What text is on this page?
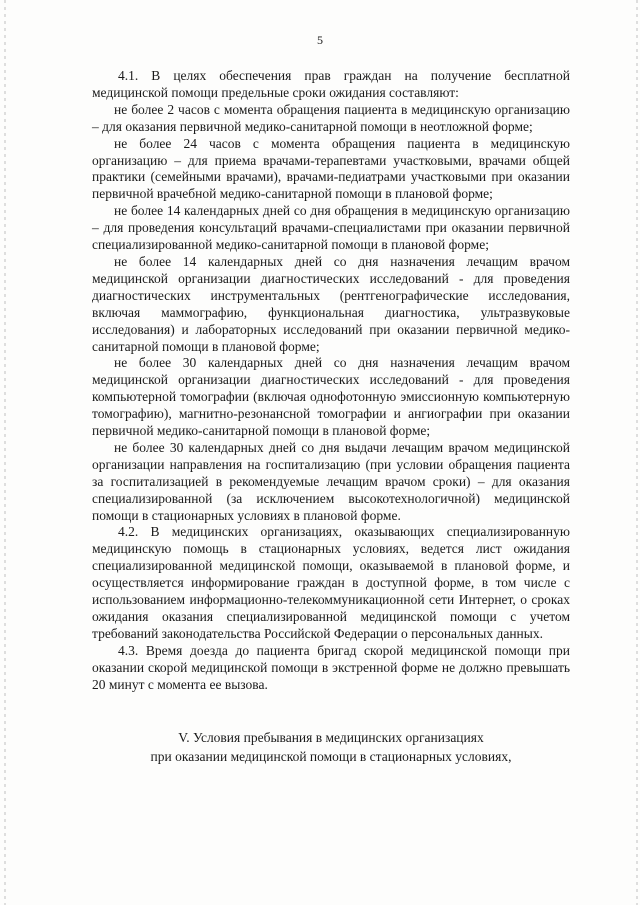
5

4.1. В целях обеспечения прав граждан на получение бесплатной медицинской помощи предельные сроки ожидания составляют:

не более 2 часов с момента обращения пациента в медицинскую организацию – для оказания первичной медико-санитарной помощи в неотложной форме;

не более 24 часов с момента обращения пациента в медицинскую организацию – для приема врачами-терапевтами участковыми, врачами общей практики (семейными врачами), врачами-педиатрами участковыми при оказании первичной врачебной медико-санитарной помощи в плановой форме;

не более 14 календарных дней со дня обращения в медицинскую организацию – для проведения консультаций врачами-специалистами при оказании первичной специализированной медико-санитарной помощи в плановой форме;

не более 14 календарных дней со дня назначения лечащим врачом медицинской организации диагностических исследований - для проведения диагностических инструментальных (рентгенографические исследования, включая маммографию, функциональная диагностика, ультразвуковые исследования) и лабораторных исследований при оказании первичной медико-санитарной помощи в плановой форме;

не более 30 календарных дней со дня назначения лечащим врачом медицинской организации диагностических исследований - для проведения компьютерной томографии (включая однофотонную эмиссионную компьютерную томографию), магнитно-резонансной томографии и ангиографии при оказании первичной медико-санитарной помощи в плановой форме;

не более 30 календарных дней со дня выдачи лечащим врачом медицинской организации направления на госпитализацию (при условии обращения пациента за госпитализацией в рекомендуемые лечащим врачом сроки) – для оказания специализированной (за исключением высокотехнологичной) медицинской помощи в стационарных условиях в плановой форме.

4.2. В медицинских организациях, оказывающих специализированную медицинскую помощь в стационарных условиях, ведется лист ожидания специализированной медицинской помощи, оказываемой в плановой форме, и осуществляется информирование граждан в доступной форме, в том числе с использованием информационно-телекоммуникационной сети Интернет, о сроках ожидания оказания специализированной медицинской помощи с учетом требований законодательства Российской Федерации о персональных данных.

4.3. Время доезда до пациента бригад скорой медицинской помощи при оказании скорой медицинской помощи в экстренной форме не должно превышать 20 минут с момента ее вызова.

V. Условия пребывания в медицинских организациях
при оказании медицинской помощи в стационарных условиях,
